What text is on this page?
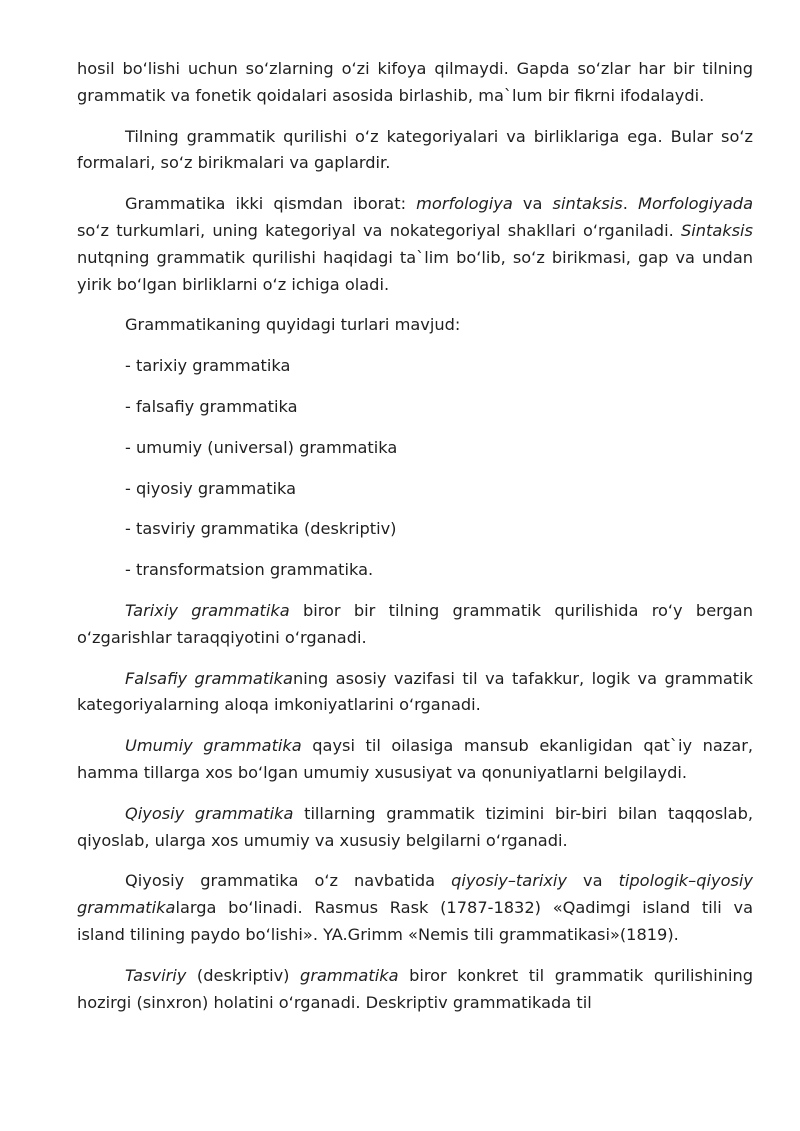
hosil bo‘lishi uchun so‘zlarning o‘zi kifoya qilmaydi. Gapda so‘zlar har bir tilning grammatik va fonetik qoidalari asosida birlashib, ma`lum bir fikrni ifodalaydi.

Tilning grammatik qurilishi o‘z kategoriyalari va birliklariga ega. Bular so‘z formalari, so‘z birikmalari va gaplardir.

Grammatika ikki qismdan iborat: morfologiya va sintaksis. Morfologiyada so‘z turkumlari, uning kategoriyal va nokategoriyal shakllari o‘rganiladi. Sintaksis nutqning grammatik qurilishi haqidagi ta`lim bo‘lib, so‘z birikmasi, gap va undan yirik bo‘lgan birliklarni o‘z ichiga oladi.

Grammatikaning quyidagi turlari mavjud:

- tarixiy grammatika

- falsafiy grammatika

- umumiy (universal) grammatika

- qiyosiy grammatika

- tasviriy grammatika (deskriptiv)

- transformatsion grammatika.

Tarixiy grammatika biror bir tilning grammatik qurilishida ro‘y bergan o‘zgarishlar taraqqiyotini o‘rganadi.

Falsafiy grammatikaning asosiy vazifasi til va tafakkur, logik va grammatik kategoriyalarning aloqa imkoniyatlarini o‘rganadi.

Umumiy grammatika qaysi til oilasiga mansub ekanligidan qat`iy nazar, hamma tillarga xos bo‘lgan umumiy xususiyat va qonuniyatlarni belgilaydi.

Qiyosiy grammatika tillarning grammatik tizimini bir-biri bilan taqqoslab, qiyoslab, ularga xos umumiy va xususiy belgilarni o‘rganadi.

Qiyosiy grammatika o‘z navbatida qiyosiy–tarixiy va tipologik–qiyosiy grammatikalarga bo‘linadi. Rasmus Rask (1787-1832) «Qadimgi island tili va island tilining paydo bo‘lishi». YA.Grimm «Nemis tili grammatikasi»(1819).

Tasviriy (deskriptiv) grammatika biror konkret til grammatik qurilishining hozirgi (sinxron) holatini o‘rganadi. Deskriptiv grammatikada til
